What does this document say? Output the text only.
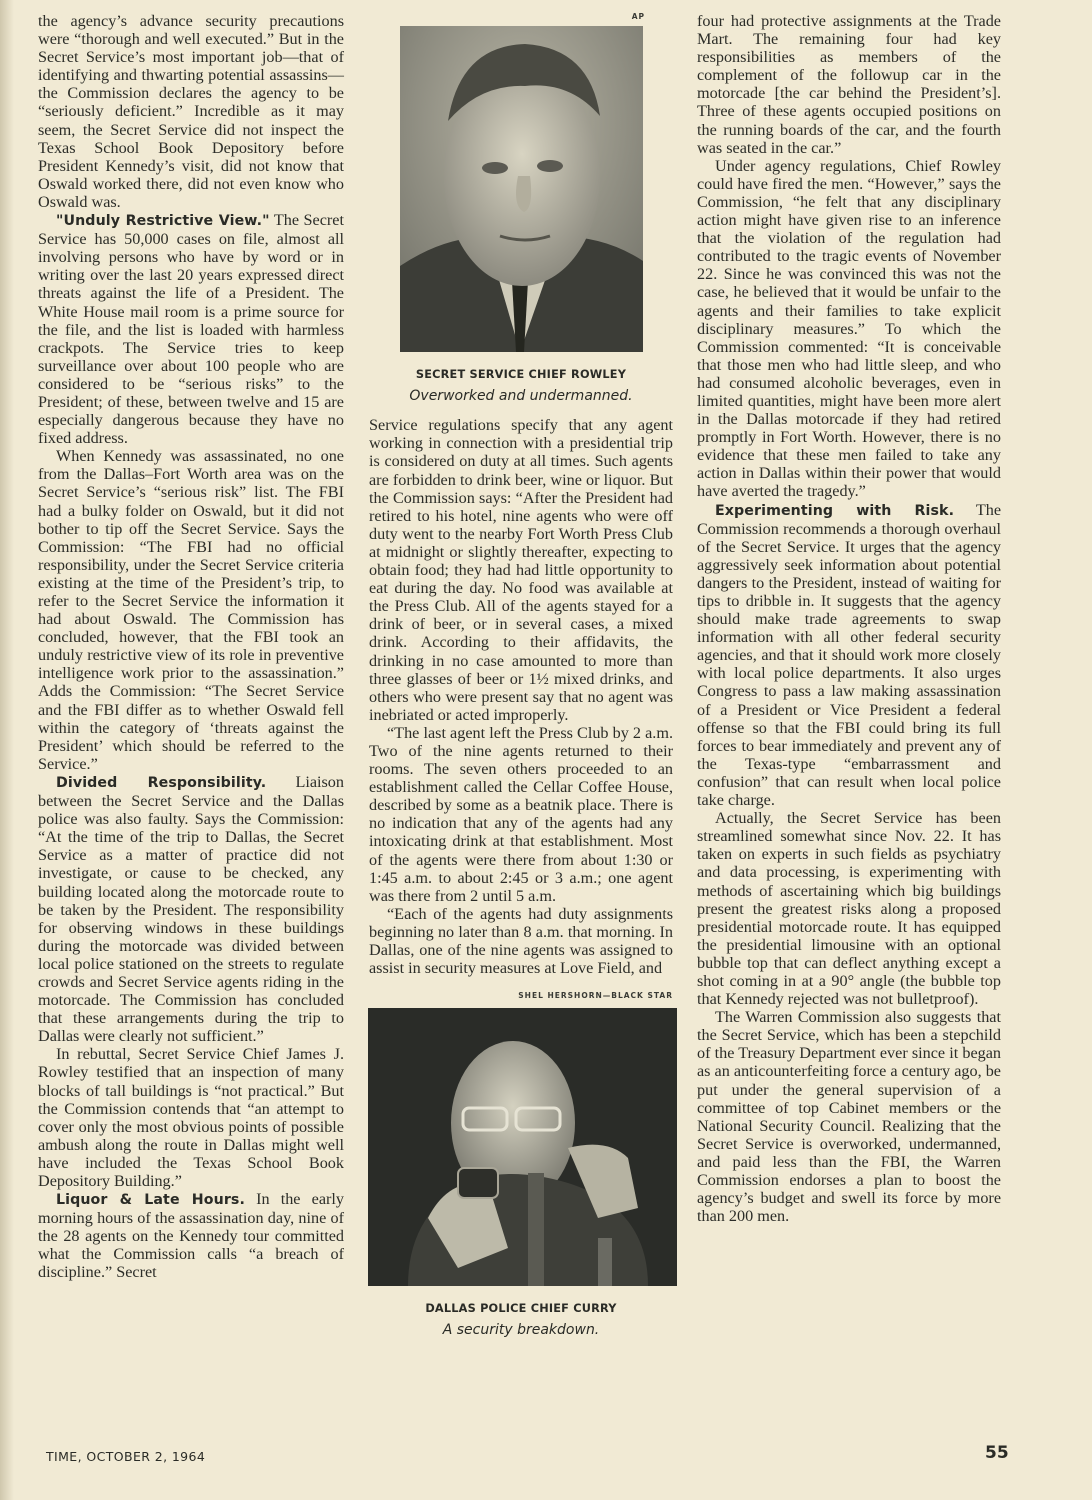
the agency’s advance security precautions were “thorough and well executed.” But in the Secret Service’s most important job—that of identifying and thwarting potential assassins—the Commission declares the agency to be “seriously deficient.” Incredible as it may seem, the Secret Service did not inspect the Texas School Book Depository before President Kennedy’s visit, did not know that Oswald worked there, did not even know who Oswald was.

"Unduly Restrictive View." The Secret Service has 50,000 cases on file, almost all involving persons who have by word or in writing over the last 20 years expressed direct threats against the life of a President. The White House mail room is a prime source for the file, and the list is loaded with harmless crackpots. The Service tries to keep surveillance over about 100 people who are considered to be “serious risks” to the President; of these, between twelve and 15 are especially dangerous because they have no fixed address.

When Kennedy was assassinated, no one from the Dallas–Fort Worth area was on the Secret Service’s “serious risk” list. The FBI had a bulky folder on Oswald, but it did not bother to tip off the Secret Service. Says the Commission: “The FBI had no official responsibility, under the Secret Service criteria existing at the time of the President’s trip, to refer to the Secret Service the information it had about Oswald. The Commission has concluded, however, that the FBI took an unduly restrictive view of its role in preventive intelligence work prior to the assassination.” Adds the Commission: “The Secret Service and the FBI differ as to whether Oswald fell within the category of ‘threats against the President’ which should be referred to the Service.”

Divided Responsibility. Liaison between the Secret Service and the Dallas police was also faulty. Says the Commission: “At the time of the trip to Dallas, the Secret Service as a matter of practice did not investigate, or cause to be checked, any building located along the motorcade route to be taken by the President. The responsibility for observing windows in these buildings during the motorcade was divided between local police stationed on the streets to regulate crowds and Secret Service agents riding in the motorcade. The Commission has concluded that these arrangements during the trip to Dallas were clearly not sufficient.”

In rebuttal, Secret Service Chief James J. Rowley testified that an inspection of many blocks of tall buildings is “not practical.” But the Commission contends that “an attempt to cover only the most obvious points of possible ambush along the route in Dallas might well have included the Texas School Book Depository Building.”

Liquor & Late Hours. In the early morning hours of the assassination day, nine of the 28 agents on the Kennedy tour committed what the Commission calls “a breach of discipline.” Secret

AP
SECRET SERVICE CHIEF ROWLEY
Overworked and undermanned.

Service regulations specify that any agent working in connection with a presidential trip is considered on duty at all times. Such agents are forbidden to drink beer, wine or liquor. But the Commission says: “After the President had retired to his hotel, nine agents who were off duty went to the nearby Fort Worth Press Club at midnight or slightly thereafter, expecting to obtain food; they had had little opportunity to eat during the day. No food was available at the Press Club. All of the agents stayed for a drink of beer, or in several cases, a mixed drink. According to their affidavits, the drinking in no case amounted to more than three glasses of beer or 1½ mixed drinks, and others who were present say that no agent was inebriated or acted improperly.

“The last agent left the Press Club by 2 a.m. Two of the nine agents returned to their rooms. The seven others proceeded to an establishment called the Cellar Coffee House, described by some as a beatnik place. There is no indication that any of the agents had any intoxicating drink at that establishment. Most of the agents were there from about 1:30 or 1:45 a.m. to about 2:45 or 3 a.m.; one agent was there from 2 until 5 a.m.

“Each of the agents had duty assignments beginning no later than 8 a.m. that morning. In Dallas, one of the nine agents was assigned to assist in security measures at Love Field, and

SHEL HERSHORN—BLACK STAR
DALLAS POLICE CHIEF CURRY
A security breakdown.

four had protective assignments at the Trade Mart. The remaining four had key responsibilities as members of the complement of the followup car in the motorcade [the car behind the President’s]. Three of these agents occupied positions on the running boards of the car, and the fourth was seated in the car.”

Under agency regulations, Chief Rowley could have fired the men. “However,” says the Commission, “he felt that any disciplinary action might have given rise to an inference that the violation of the regulation had contributed to the tragic events of November 22. Since he was convinced this was not the case, he believed that it would be unfair to the agents and their families to take explicit disciplinary measures.” To which the Commission commented: “It is conceivable that those men who had little sleep, and who had consumed alcoholic beverages, even in limited quantities, might have been more alert in the Dallas motorcade if they had retired promptly in Fort Worth. However, there is no evidence that these men failed to take any action in Dallas within their power that would have averted the tragedy.”

Experimenting with Risk. The Commission recommends a thorough overhaul of the Secret Service. It urges that the agency aggressively seek information about potential dangers to the President, instead of waiting for tips to dribble in. It suggests that the agency should make trade agreements to swap information with all other federal security agencies, and that it should work more closely with local police departments. It also urges Congress to pass a law making assassination of a President or Vice President a federal offense so that the FBI could bring its full forces to bear immediately and prevent any of the Texas-type “embarrassment and confusion” that can result when local police take charge.

Actually, the Secret Service has been streamlined somewhat since Nov. 22. It has taken on experts in such fields as psychiatry and data processing, is experimenting with methods of ascertaining which big buildings present the greatest risks along a proposed presidential motorcade route. It has equipped the presidential limousine with an optional bubble top that can deflect anything except a shot coming in at a 90° angle (the bubble top that Kennedy rejected was not bulletproof).

The Warren Commission also suggests that the Secret Service, which has been a stepchild of the Treasury Department ever since it began as an anticounterfeiting force a century ago, be put under the general supervision of a committee of top Cabinet members or the National Security Council. Realizing that the Secret Service is overworked, undermanned, and paid less than the FBI, the Warren Commission endorses a plan to boost the agency’s budget and swell its force by more than 200 men.

TIME, OCTOBER 2, 1964	55
